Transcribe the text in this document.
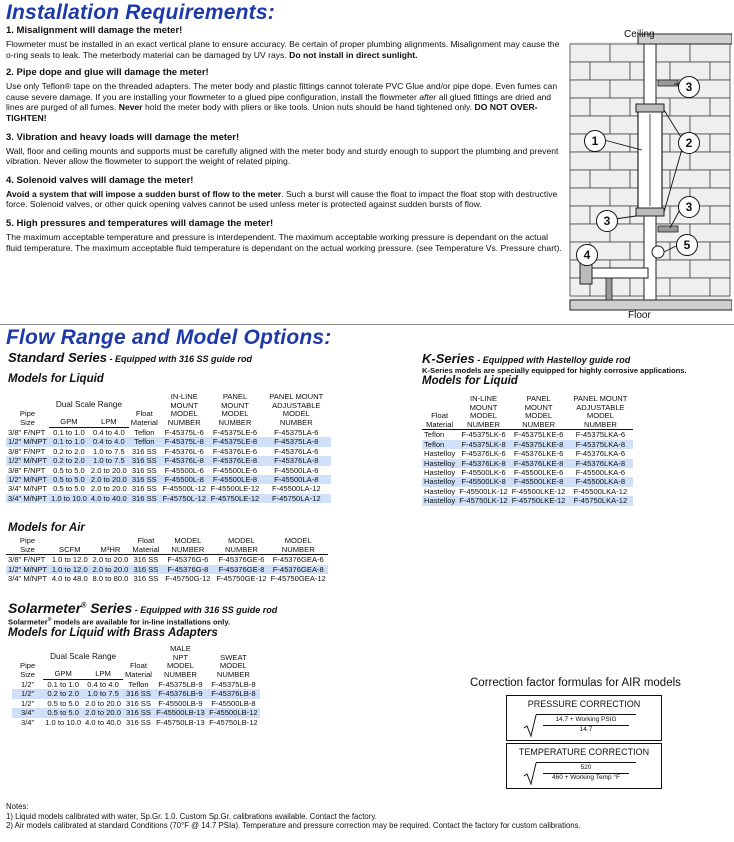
Installation Requirements:
1. Misalignment will damage the meter!
Flowmeter must be installed in an exact vertical plane to ensure accuracy. Be certain of proper plumbing alignments. Misalignment may cause the o-ring seals to leak. The meterbody material can be damaged by UV rays. Do not install in direct sunlight.
2. Pipe dope and glue will damage the meter!
Use only Teflon® tape on the threaded adapters. The meter body and plastic fittings cannot tolerate PVC Glue and/or pipe dope. Even fumes can cause severe damage. If you are installing your flowmeter to a glued pipe configuration, install the flowmeter after all glued fittings are dried and lines are purged of all fumes. Never hold the meter body with pliers or like tools. Union nuts should be hand tightened only. DO NOT OVER-TIGHTEN!
3. Vibration and heavy loads will damage the meter!
Wall, floor and ceiling mounts and supports must be carefully aligned with the meter body and sturdy enough to support the plumbing and prevent vibration. Never allow the flowmeter to support the weight of related piping.
4. Solenoid valves will damage the meter!
Avoid a system that will impose a sudden burst of flow to the meter. Such a burst will cause the float to impact the float stop with destructive force. Solenoid valves, or other quick opening valves cannot be used unless meter is protected against sudden bursts of flow.
5. High pressures and temperatures will damage the meter!
The maximum acceptable temperature and pressure is interdependent. The maximum acceptable working pressure is dependant on the actual fluid temperature. The maximum acceptable fluid temperature is dependant on the actual working pressure. (see Temperature Vs. Pressure chart).
Ceiling
Floor
1	2
3
3
3
4
5
Flow Range and Model Options:
Standard Series - Equipped with 316 SS guide rod
Models for Liquid
Pipe
Size	Dual Scale Range		Float
Material	IN-LINE
MOUNT
MODEL
NUMBER	PANEL
MOUNT
MODEL
NUMBER	PANEL MOUNT
ADJUSTABLE
MODEL
NUMBER
	GPM	LPM				
3/8" F/NPT	0.1 to 1.0	0.4 to 4.0	Teflon	F-45375L-6	F-45375LE-6	F-45375LA-6
1/2" M/NPT	0.1 to 1.0	0.4 to 4.0	Teflon	F-45375L-8	F-45375LE-8	F-45375LA-8
3/8" F/NPT	0.2 to 2.0	1.0 to 7.5	316 SS	F-45376L-6	F-45376LE-6	F-45376LA-6
1/2" M/NPT	0.2 to 2.0	1.0 to 7.5	316 SS	F-45376L-8	F-45376LE-8	F-45376LA-8
3/8" F/NPT	0.5 to 5.0	2.0 to 20.0	316 SS	F-45500L-6	F-45500LE-6	F-45500LA-6
1/2" M/NPT	0.5 to 5.0	2.0 to 20.0	316 SS	F-45500L-8	F-45500LE-8	F-45500LA-8
3/4" M/NPT	0.5 to 5.0	2.0 to 20.0	316 SS	F-45500L-12	F-45500LE-12	F-45500LA-12
3/4" M/NPT	1.0 to 10.0	4.0 to 40.0	316 SS	F-45750L-12	F-45750LE-12	F-45750LA-12
Models for Air
Pipe
Size	SCFM	M³HR	Float
Material	MODEL
NUMBER	MODEL
NUMBER	MODEL
NUMBER
3/8" F/NPT	1.0 to 12.0	2.0 to 20.0	316 SS	F-45376G-6	F-45376GE-6	F-45376GEA-6
1/2" M/NPT	1.0 to 12.0	2.0 to 20.0	316 SS	F-45376G-8	F-45376GE-8	F-45376GEA-8
3/4" M/NPT	4.0 to 48.0	8.0 to 80.0	316 SS	F-45750G-12	F-45750GE-12	F-45750GEA-12
Solarmeter® Series - Equipped with 316 SS guide rod
Solarmeter® models are available for in-line installations only.
Models for Liquid with Brass Adapters
Pipe
Size	Dual Scale Range		Float
Material	MALE
NPT
MODEL
NUMBER	SWEAT
MODEL
NUMBER
	GPM	LPM			
1/2"	0.1 to 1.0	0.4 to 4.0	Teflon	F-45375LB-9	F-45375LB-8
1/2"	0.2 to 2.0	1.0 to 7.5	316 SS	F-45376LB-9	F-45376LB-8
1/2"	0.5 to 5.0	2.0 to 20.0	316 SS	F-45500LB-9	F-45500LB-8
3/4"	0.5 to 5.0	2.0 to 20.0	316 SS	F-45500LB-13	F-45500LB-12
3/4"	1.0 to 10.0	4.0 to 40.0	316 SS	F-45750LB-13	F-45750LB-12
K-Series - Equipped with Hastelloy guide rod
K-Series models are specially equipped for highly corrosive applications.
Models for Liquid
Float
Material	IN-LINE
MOUNT
MODEL
NUMBER	PANEL
MOUNT
MODEL
NUMBER	PANEL MOUNT
ADJUSTABLE
MODEL
NUMBER
Teflon	F-45375LK-6	F-45375LKE-6	F-45375LKA-6
Teflon	F-45375LK-8	F-45375LKE-8	F-45375LKA-8
Hastelloy	F-45376LK-6	F-45376LKE-6	F-45376LKA-6
Hastelloy	F-45376LK-8	F-45376LKE-8	F-45376LKA-8
Hastelloy	F-45500LK-6	F-45500LKE-6	F-45500LKA-6
Hastelloy	F-45500LK-8	F-45500LKE-8	F-45500LKA-8
Hastelloy	F-45500LK-12	F-45500LKE-12	F-45500LKA-12
Hastelloy	F-45750LK-12	F-45750LKE-12	F-45750LKA-12
Correction factor formulas for AIR models
PRESSURE CORRECTION
14.7 + Working PSIG
14.7
TEMPERATURE CORRECTION
520
460 + Working Temp °F
Notes:
1) Liquid models calibrated with water, Sp.Gr. 1.0. Custom Sp.Gr. calibrations available. Contact the factory.
2) Air models calibrated at standard Conditions (70°F @ 14.7 PSIa). Temperature and pressure correction may be required. Contact the factory for custom calibrations.
